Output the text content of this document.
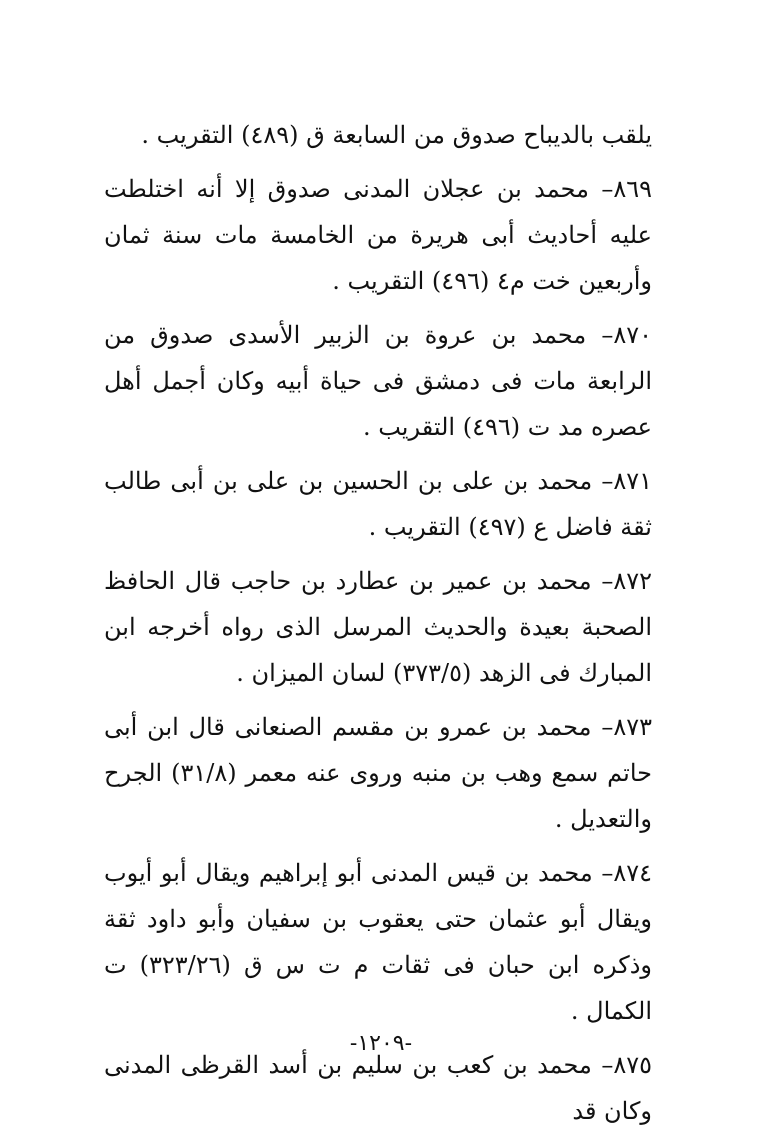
يلقب بالديباح صدوق من السابعة ق (٤٨٩) التقريب .

٨٦٩– محمد بن عجلان المدنى صدوق إلا أنه اختلطت عليه أحاديث أبى هريرة من الخامسة مات سنة ثمان وأربعين خت م٤ (٤٩٦) التقريب .

٨٧٠– محمد بن عروة بن الزبير الأسدى صدوق من الرابعة مات فى دمشق فى حياة أبيه وكان أجمل أهل عصره مد ت (٤٩٦) التقريب .

٨٧١– محمد بن على بن الحسين بن على بن أبى طالب ثقة فاضل ع (٤٩٧) التقريب .

٨٧٢– محمد بن عمير بن عطارد بن حاجب قال الحافظ الصحبة بعيدة والحديث المرسل الذى رواه أخرجه ابن المبارك فى الزهد (٣٧٣/٥) لسان الميزان .

٨٧٣– محمد بن عمرو بن مقسم الصنعانى قال ابن أبى حاتم سمع وهب بن منبه وروى عنه معمر (٣١/٨) الجرح والتعديل .

٨٧٤– محمد بن قيس المدنى أبو إبراهيم ويقال أبو أيوب ويقال أبو عثمان حتى يعقوب بن سفيان وأبو داود ثقة وذكره ابن حبان فى ثقات م ت س ق (٣٢٣/٢٦) ت الكمال .

٨٧٥– محمد بن كعب بن سليم بن أسد القرظى المدنى وكان قد

-١٢٠٩-
